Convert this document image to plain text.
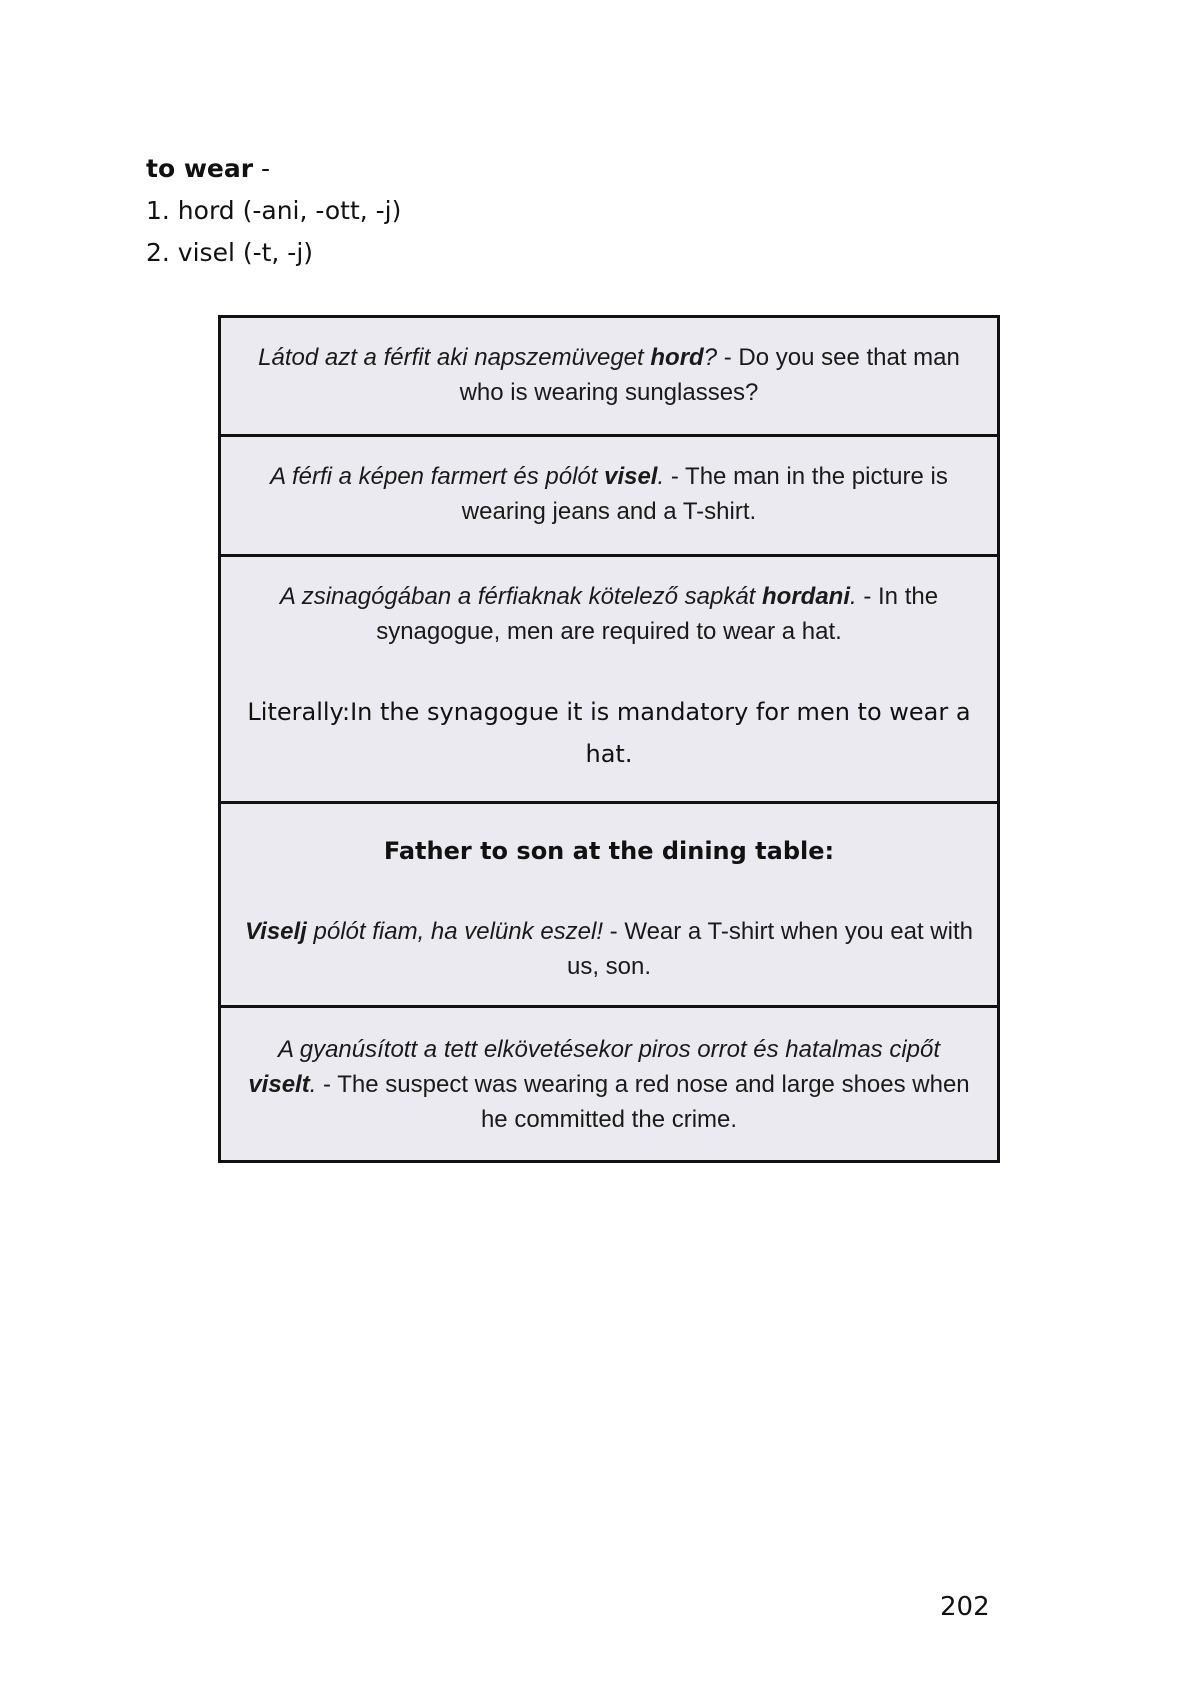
to wear -
1. hord (-ani, -ott, -j)
2. visel (-t, -j)
Látod azt a férfit aki napszemüveget hord? - Do you see that man who is wearing sunglasses?
A férfi a képen farmert és pólót visel. - The man in the picture is wearing jeans and a T-shirt.
A zsinagógában a férfiaknak kötelező sapkát hordani. - In the synagogue, men are required to wear a hat.
Literally:In the synagogue it is mandatory for men to wear a hat.
Father to son at the dining table:
Viselj pólót fiam, ha velünk eszel! - Wear a T-shirt when you eat with us, son.
A gyanúsított a tett elkövetésekor piros orrot és hatalmas cipőt viselt. - The suspect was wearing a red nose and large shoes when he committed the crime.
202
